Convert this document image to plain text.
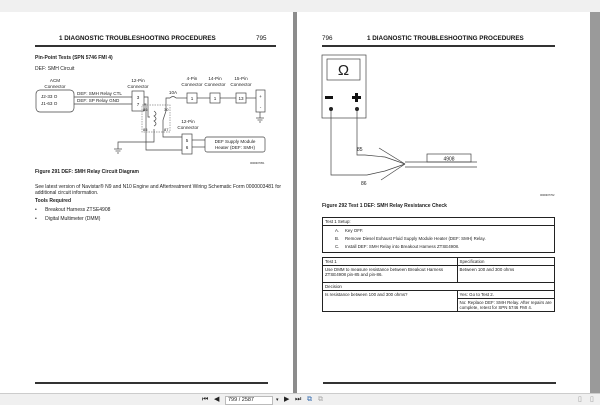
1 DIAGNOSTIC TROUBLESHOOTING PROCEDURES	795
Pin-Point Tests (SPN 5746 FMI 4)
DEF: SMH Circuit
ACM
Connector
12-Pin
Connector
3
7
10A
4-Pin
Connector
1
14-Pin
Connector
1
15-Pin
Connector
13	+
-
12-Pin
Connector
5
6
DEF Supply Module
Heater (DEF: SMH)
J2-33 O
J1-63 O
DEF: SMH Relay CTL
DEF: SP Relay GND
86
85
30
87
0000307051
Figure 291 DEF: SMH Relay Circuit Diagram
See latest version of Navistar® N9 and N10 Engine and Aftertreatment Wiring Schematic Form 0000003481 for
additional circuit information.
Tools Required
•      Breakout Harness ZTSE4908
•      Digital Multimeter (DMM)
796	1 DIAGNOSTIC TROUBLESHOOTING PROCEDURES
Ω
85
86
4908
0000307762
Figure 292 Test 1 DEF: SMH Relay Resistance Check
Test 1 Setup:

A. Key OFF.
B. Remove Diesel Exhaust Fluid Supply Module Heater (DEF: SMH) Relay.
C. Install DEF: SMH Relay into Breakout Harness ZTSE4908.
Test 1	Specification
Use DMM to measure resistance between Breakout Harness ZTSE4908 pin-85 and pin-86.	Between 100 and 300 ohms
Decision	
Is resistance between 100 and 300 ohms?	Yes: Go to Test 2.
	No: Replace DEF: SMH Relay. After repairs are complete, retest for SPN 5746 FMI 4.
⏮ ◀	799 / 2587	▾ ▶ ⏭ ⧉ ⧉	▯ ▯
